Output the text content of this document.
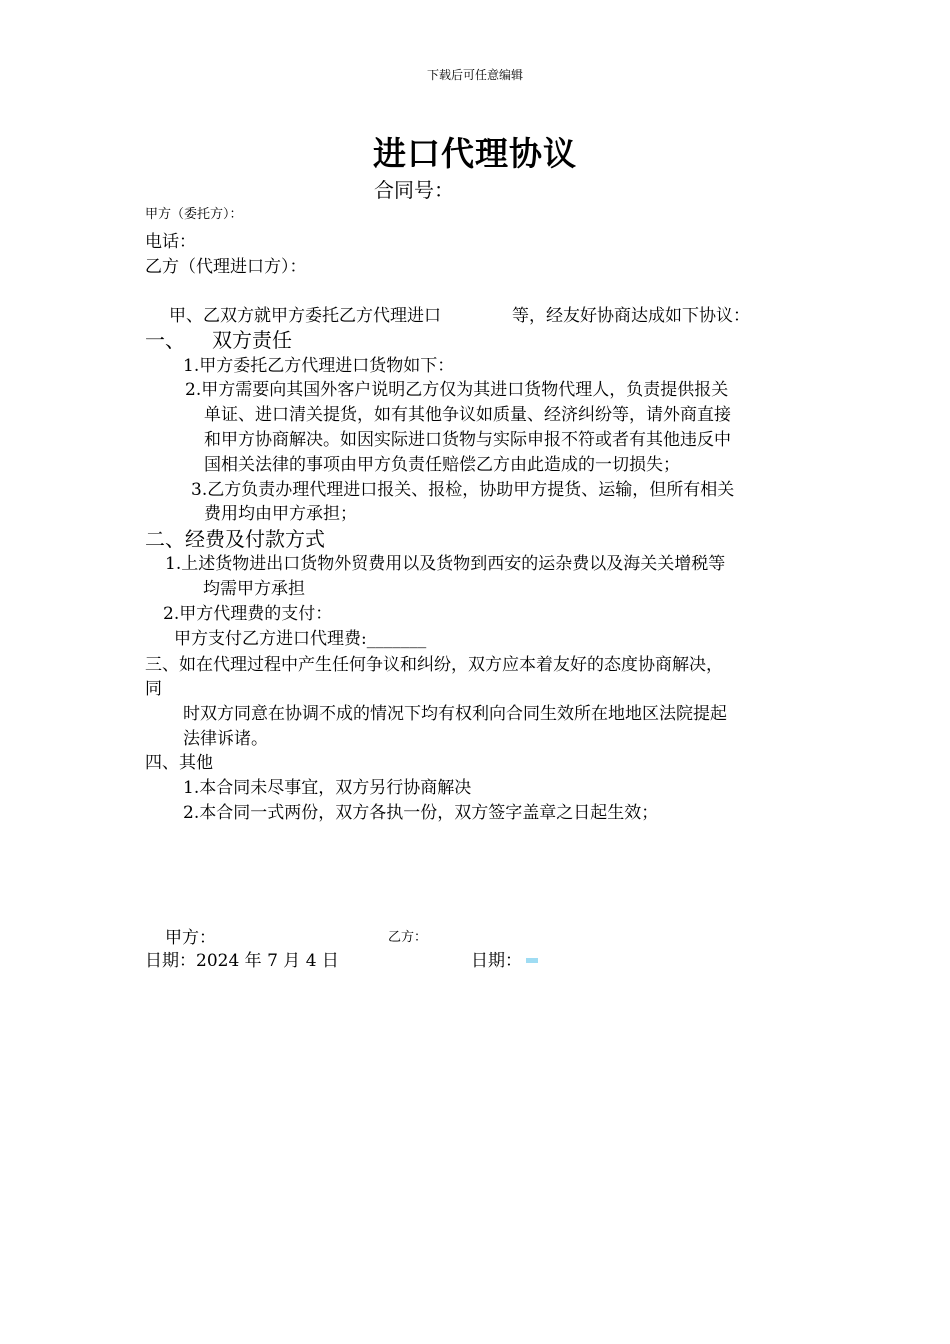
下载后可任意编辑
进口代理协议
合同号：
甲方（委托方）：
电话：
乙方（代理进口方）：
甲、乙双方就甲方委托乙方代理进口	等，经友好协商达成如下协议：
一、 双方责任
1.甲方委托乙方代理进口货物如下：
2.甲方需要向其国外客户说明乙方仅为其进口货物代理人，负责提供报关
单证、进口清关提货，如有其他争议如质量、经济纠纷等，请外商直接
和甲方协商解决。如因实际进口货物与实际申报不符或者有其他违反中
国相关法律的事项由甲方负责任赔偿乙方由此造成的一切损失；
3.乙方负责办理代理进口报关、报检，协助甲方提货、运输，但所有相关
费用均由甲方承担；
二、经费及付款方式
1.上述货物进出口货物外贸费用以及货物到西安的运杂费以及海关关增税等
均需甲方承担
2.甲方代理费的支付：
甲方支付乙方进口代理费:_______
三、如在代理过程中产生任何争议和纠纷，双方应本着友好的态度协商解决，
同
时双方同意在协调不成的情况下均有权利向合同生效所在地地区法院提起
法律诉诸。
四、其他
1.本合同未尽事宜，双方另行协商解决
2.本合同一式两份，双方各执一份，双方签字盖章之日起生效；
甲方：	乙方：
日期：2024 年 7 月 4 日	日期：
